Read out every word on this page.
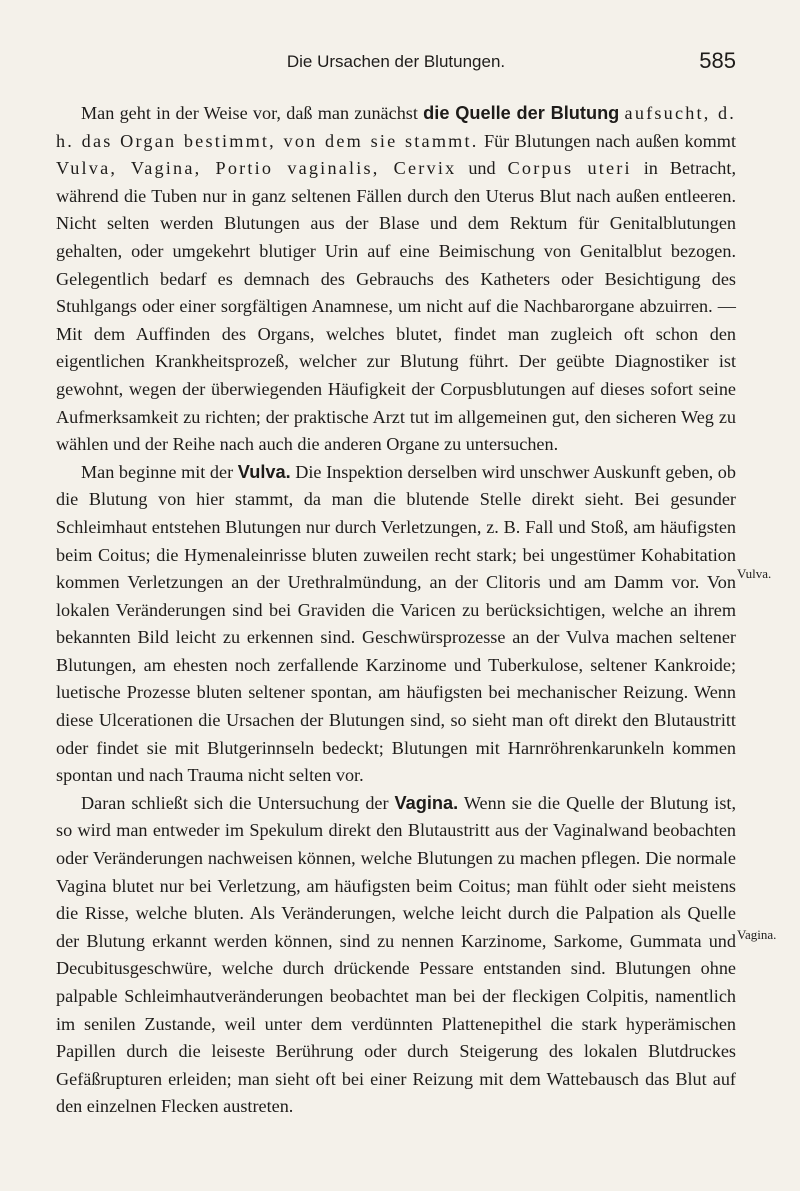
Die Ursachen der Blutungen.	585

Man geht in der Weise vor, daß man zunächst die Quelle der Blutung aufsucht, d. h. das Organ bestimmt, von dem sie stammt. Für Blutungen nach außen kommt Vulva, Vagina, Portio vaginalis, Cervix und Corpus uteri in Betracht, während die Tuben nur in ganz seltenen Fällen durch den Uterus Blut nach außen entleeren. Nicht selten werden Blutungen aus der Blase und dem Rektum für Genitalblutungen gehalten, oder umgekehrt blutiger Urin auf eine Beimischung von Genitalblut bezogen. Gelegentlich bedarf es demnach des Gebrauchs des Katheters oder Besichtigung des Stuhlgangs oder einer sorgfältigen Anamnese, um nicht auf die Nachbarorgane abzuirren. — Mit dem Auffinden des Organs, welches blutet, findet man zugleich oft schon den eigentlichen Krankheitsprozeß, welcher zur Blutung führt. Der geübte Diagnostiker ist gewohnt, wegen der überwiegenden Häufigkeit der Corpusblutungen auf dieses sofort seine Aufmerksamkeit zu richten; der praktische Arzt tut im allgemeinen gut, den sicheren Weg zu wählen und der Reihe nach auch die anderen Organe zu untersuchen.

Man beginne mit der Vulva. Die Inspektion derselben wird unschwer Auskunft geben, ob die Blutung von hier stammt, da man die blutende Stelle direkt sieht. Bei gesunder Schleimhaut entstehen Blutungen nur durch Verletzungen, z. B. Fall und Stoß, am häufigsten beim Coitus; die Hymenaleinrisse bluten zuweilen recht stark; bei ungestümer Kohabitation kommen Verletzungen an der Urethralmündung, an der Clitoris und am Damm vor. Von lokalen Veränderungen sind bei Graviden die Varicen zu berücksichtigen, welche an ihrem bekannten Bild leicht zu erkennen sind. Geschwürsprozesse an der Vulva machen seltener Blutungen, am ehesten noch zerfallende Karzinome und Tuberkulose, seltener Kankroide; luetische Prozesse bluten seltener spontan, am häufigsten bei mechanischer Reizung. Wenn diese Ulcerationen die Ursachen der Blutungen sind, so sieht man oft direkt den Blutaustritt oder findet sie mit Blutgerinnseln bedeckt; Blutungen mit Harnröhrenkarunkeln kommen spontan und nach Trauma nicht selten vor.

Daran schließt sich die Untersuchung der Vagina. Wenn sie die Quelle der Blutung ist, so wird man entweder im Spekulum direkt den Blutaustritt aus der Vaginalwand beobachten oder Veränderungen nachweisen können, welche Blutungen zu machen pflegen. Die normale Vagina blutet nur bei Verletzung, am häufigsten beim Coitus; man fühlt oder sieht meistens die Risse, welche bluten. Als Veränderungen, welche leicht durch die Palpation als Quelle der Blutung erkannt werden können, sind zu nennen Karzinome, Sarkome, Gummata und Decubitusgeschwüre, welche durch drückende Pessare entstanden sind. Blutungen ohne palpable Schleimhautveränderungen beobachtet man bei der fleckigen Colpitis, namentlich im senilen Zustande, weil unter dem verdünnten Plattenepithel die stark hyperämischen Papillen durch die leiseste Berührung oder durch Steigerung des lokalen Blutdruckes Gefäßrupturen erleiden; man sieht oft bei einer Reizung mit dem Wattebausch das Blut auf den einzelnen Flecken austreten.

Vulva.
Vagina.
